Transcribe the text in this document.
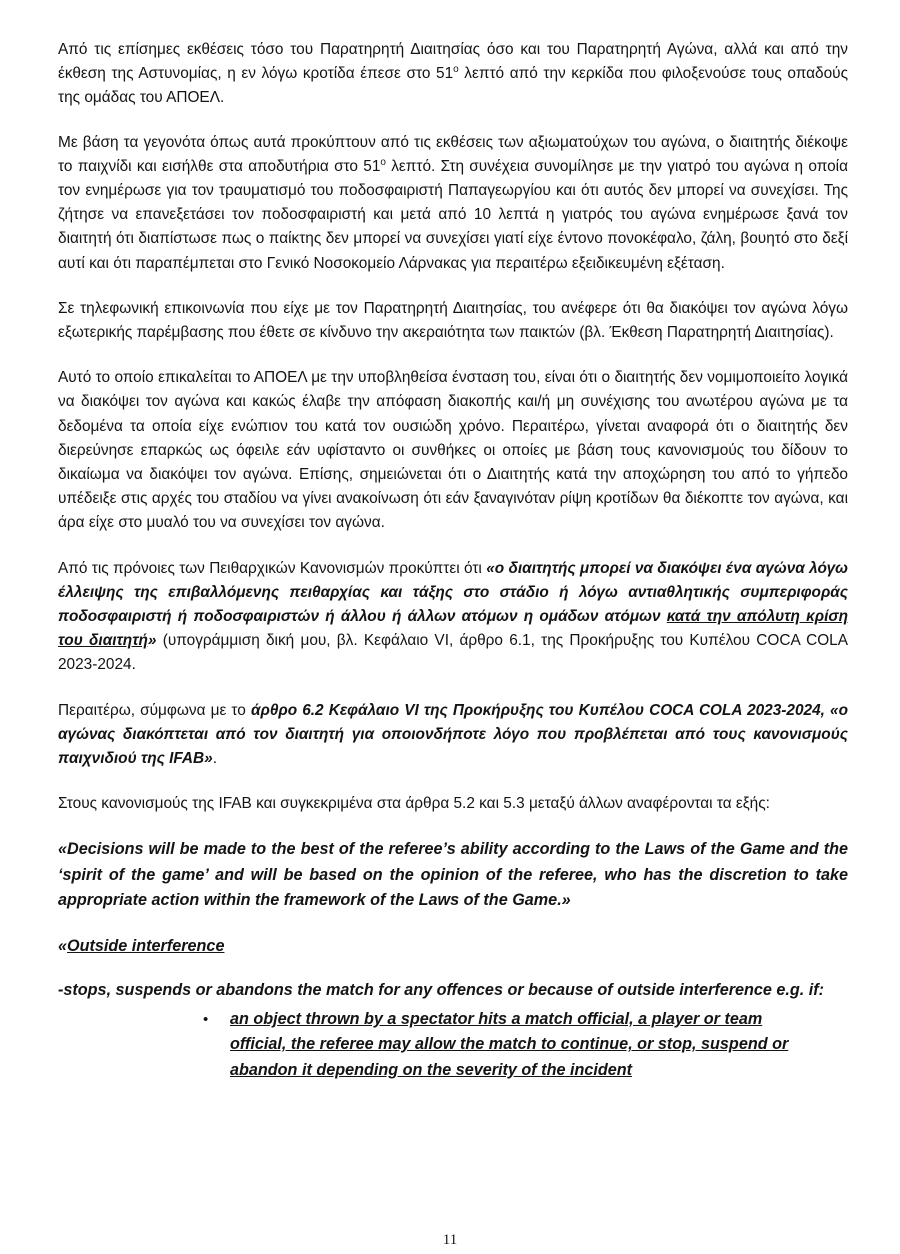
Από τις επίσημες εκθέσεις τόσο του Παρατηρητή Διαιτησίας όσο και του Παρατηρητή Αγώνα, αλλά και από την έκθεση της Αστυνομίας, η εν λόγω κροτίδα έπεσε στο $51^o$ λεπτό από την κερκίδα που φιλοξενούσε τους οπαδούς της ομάδας του ΑΠΟΕΛ.

Με βάση τα γεγονότα όπως αυτά προκύπτουν από τις εκθέσεις των αξιωματούχων του αγώνα, ο διαιτητής διέκοψε το παιχνίδι και εισήλθε στα αποδυτήρια στο $51^o$ λεπτό. Στη συνέχεια συνομίλησε με την γιατρό του αγώνα η οποία τον ενημέρωσε για τον τραυματισμό του ποδοσφαιριστή Παπαγεωργίου και ότι αυτός δεν μπορεί να συνεχίσει. Της ζήτησε να επανεξετάσει τον ποδοσφαιριστή και μετά από 10 λεπτά η γιατρός του αγώνα ενημέρωσε ξανά τον διαιτητή ότι διαπίστωσε πως ο παίκτης δεν μπορεί να συνεχίσει γιατί είχε έντονο πονοκέφαλο, ζάλη, βουητό στο δεξί αυτί και ότι παραπέμπεται στο Γενικό Νοσοκομείο Λάρνακας για περαιτέρω εξειδικευμένη εξέταση.

Σε τηλεφωνική επικοινωνία που είχε με τον Παρατηρητή Διαιτησίας, του ανέφερε ότι θα διακόψει τον αγώνα λόγω εξωτερικής παρέμβασης που έθετε σε κίνδυνο την ακεραιότητα των παικτών (βλ. Έκθεση Παρατηρητή Διαιτησίας).

Αυτό το οποίο επικαλείται το ΑΠΟΕΛ με την υποβληθείσα ένσταση του, είναι ότι ο διαιτητής δεν νομιμοποιείτο λογικά να διακόψει τον αγώνα και κακώς έλαβε την απόφαση διακοπής και/ή μη συνέχισης του ανωτέρου αγώνα με τα δεδομένα τα οποία είχε ενώπιον του κατά τον ουσιώδη χρόνο. Περαιτέρω, γίνεται αναφορά ότι ο διαιτητής δεν διερεύνησε επαρκώς ως όφειλε εάν υφίσταντο οι συνθήκες οι οποίες με βάση τους κανονισμούς του δίδουν το δικαίωμα να διακόψει τον αγώνα. Επίσης, σημειώνεται ότι ο Διαιτητής κατά την αποχώρηση του από το γήπεδο υπέδειξε στις αρχές του σταδίου να γίνει ανακοίνωση ότι εάν ξαναγινόταν ρίψη κροτίδων θα διέκοπτε τον αγώνα, και άρα είχε στο μυαλό του να συνεχίσει τον αγώνα.

Από τις πρόνοιες των Πειθαρχικών Κανονισμών προκύπτει ότι «ο διαιτητής μπορεί να διακόψει ένα αγώνα λόγω έλλειψης της επιβαλλόμενης πειθαρχίας και τάξης στο στάδιο ή λόγω αντιαθλητικής συμπεριφοράς ποδοσφαιριστή ή ποδοσφαιριστών ή άλλου ή άλλων ατόμων η ομάδων ατόμων κατά την απόλυτη κρίση του διαιτητή» (υπογράμμιση δική μου, βλ. Κεφάλαιο VI, άρθρο 6.1, της Προκήρυξης του Κυπέλου COCA COLA 2023-2024.

Περαιτέρω, σύμφωνα με το άρθρο 6.2 Κεφάλαιο VI της Προκήρυξης του Κυπέλου COCA COLA 2023-2024, «ο αγώνας διακόπτεται από τον διαιτητή για οποιονδήποτε λόγο που προβλέπεται από τους κανονισμούς παιχνιδιού της IFAB».

Στους κανονισμούς της IFAB και συγκεκριμένα στα άρθρα 5.2 και 5.3 μεταξύ άλλων αναφέρονται τα εξής:

«Decisions will be made to the best of the referee’s ability according to the Laws of the Game and the ‘spirit of the game’ and will be based on the opinion of the referee, who has the discretion to take appropriate action within the framework of the Laws of the Game.»

«Outside interference

-stops, suspends or abandons the match for any offences or because of outside interference e.g. if:

•	an object thrown by a spectator hits a match official, a player or team official, the referee may allow the match to continue, or stop, suspend or abandon it depending on the severity of the incident
11
